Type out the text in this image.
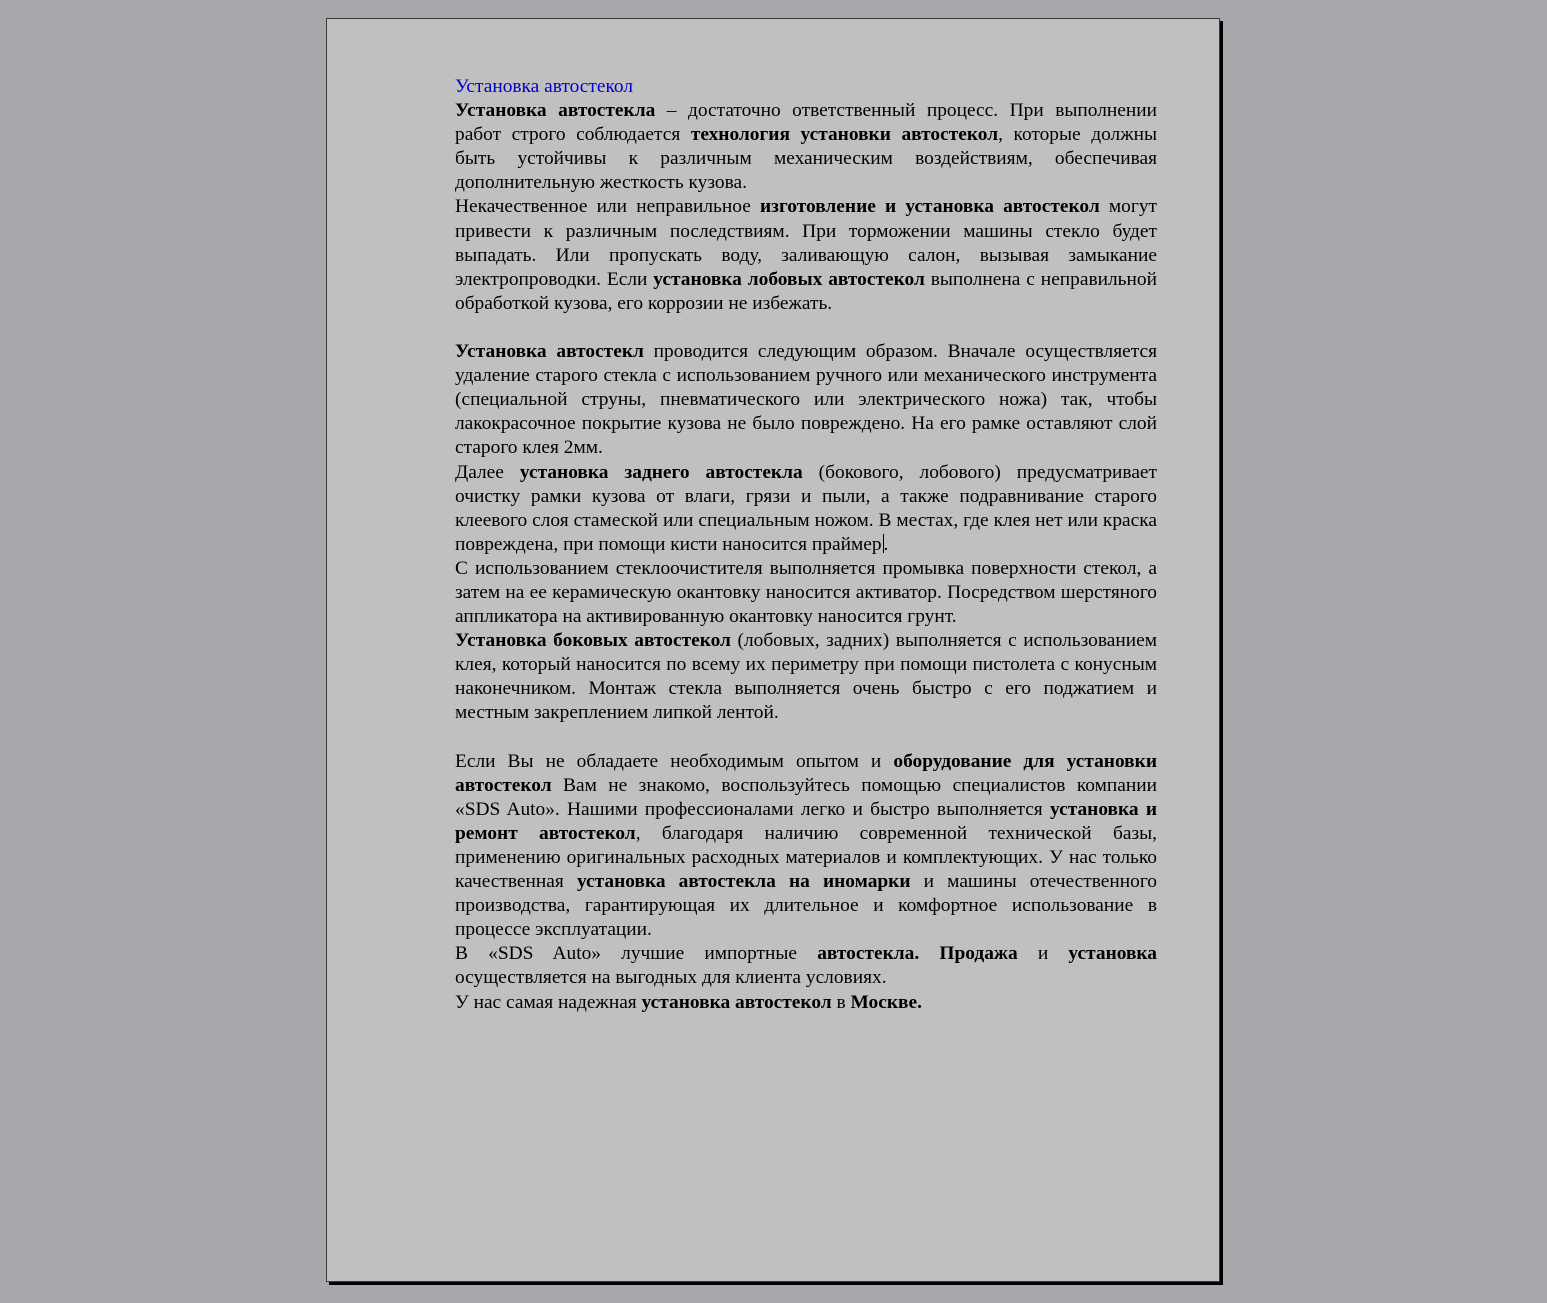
Установка автостекол

Установка автостекла – достаточно ответственный процесс. При выполнении работ строго соблюдается технология установки автостекол, которые должны быть устойчивы к различным механическим воздействиям, обеспечивая дополнительную жесткость кузова.

Некачественное или неправильное изготовление и установка автостекол могут привести к различным последствиям. При торможении машины стекло будет выпадать. Или пропускать воду, заливающую салон, вызывая замыкание электропроводки. Если установка лобовых автостекол выполнена с неправильной обработкой кузова, его коррозии не избежать.

Установка автостекл проводится следующим образом. Вначале осуществляется удаление старого стекла с использованием ручного или механического инструмента (специальной струны, пневматического или электрического ножа) так, чтобы лакокрасочное покрытие кузова не было повреждено. На его рамке оставляют слой старого клея 2мм.

Далее установка заднего автостекла (бокового, лобового) предусматривает очистку рамки кузова от влаги, грязи и пыли, а также подравнивание старого клеевого слоя стамеской или специальным ножом. В местах, где клея нет или краска повреждена, при помощи кисти наносится праймер .

С использованием стеклоочистителя выполняется промывка поверхности стекол, а затем на ее керамическую окантовку наносится активатор. Посредством шерстяного аппликатора на активированную окантовку наносится грунт.

Установка боковых автостекол (лобовых, задних) выполняется с использованием клея, который наносится по всему их периметру при помощи пистолета с конусным наконечником. Монтаж стекла выполняется очень быстро с его поджатием и местным закреплением липкой лентой.

Если Вы не обладаете необходимым опытом и оборудование для установки автостекол Вам не знакомо, воспользуйтесь помощью специалистов компании «SDS Auto». Нашими профессионалами легко и быстро выполняется установка и ремонт автостекол, благодаря наличию современной технической базы, применению оригинальных расходных материалов и комплектующих. У нас только качественная установка автостекла на иномарки и машины отечественного производства, гарантирующая их длительное и комфортное использование в процессе эксплуатации.

В «SDS Auto» лучшие импортные автостекла. Продажа и установка осуществляется на выгодных для клиента условиях.

У нас самая надежная установка автостекол в Москве.
